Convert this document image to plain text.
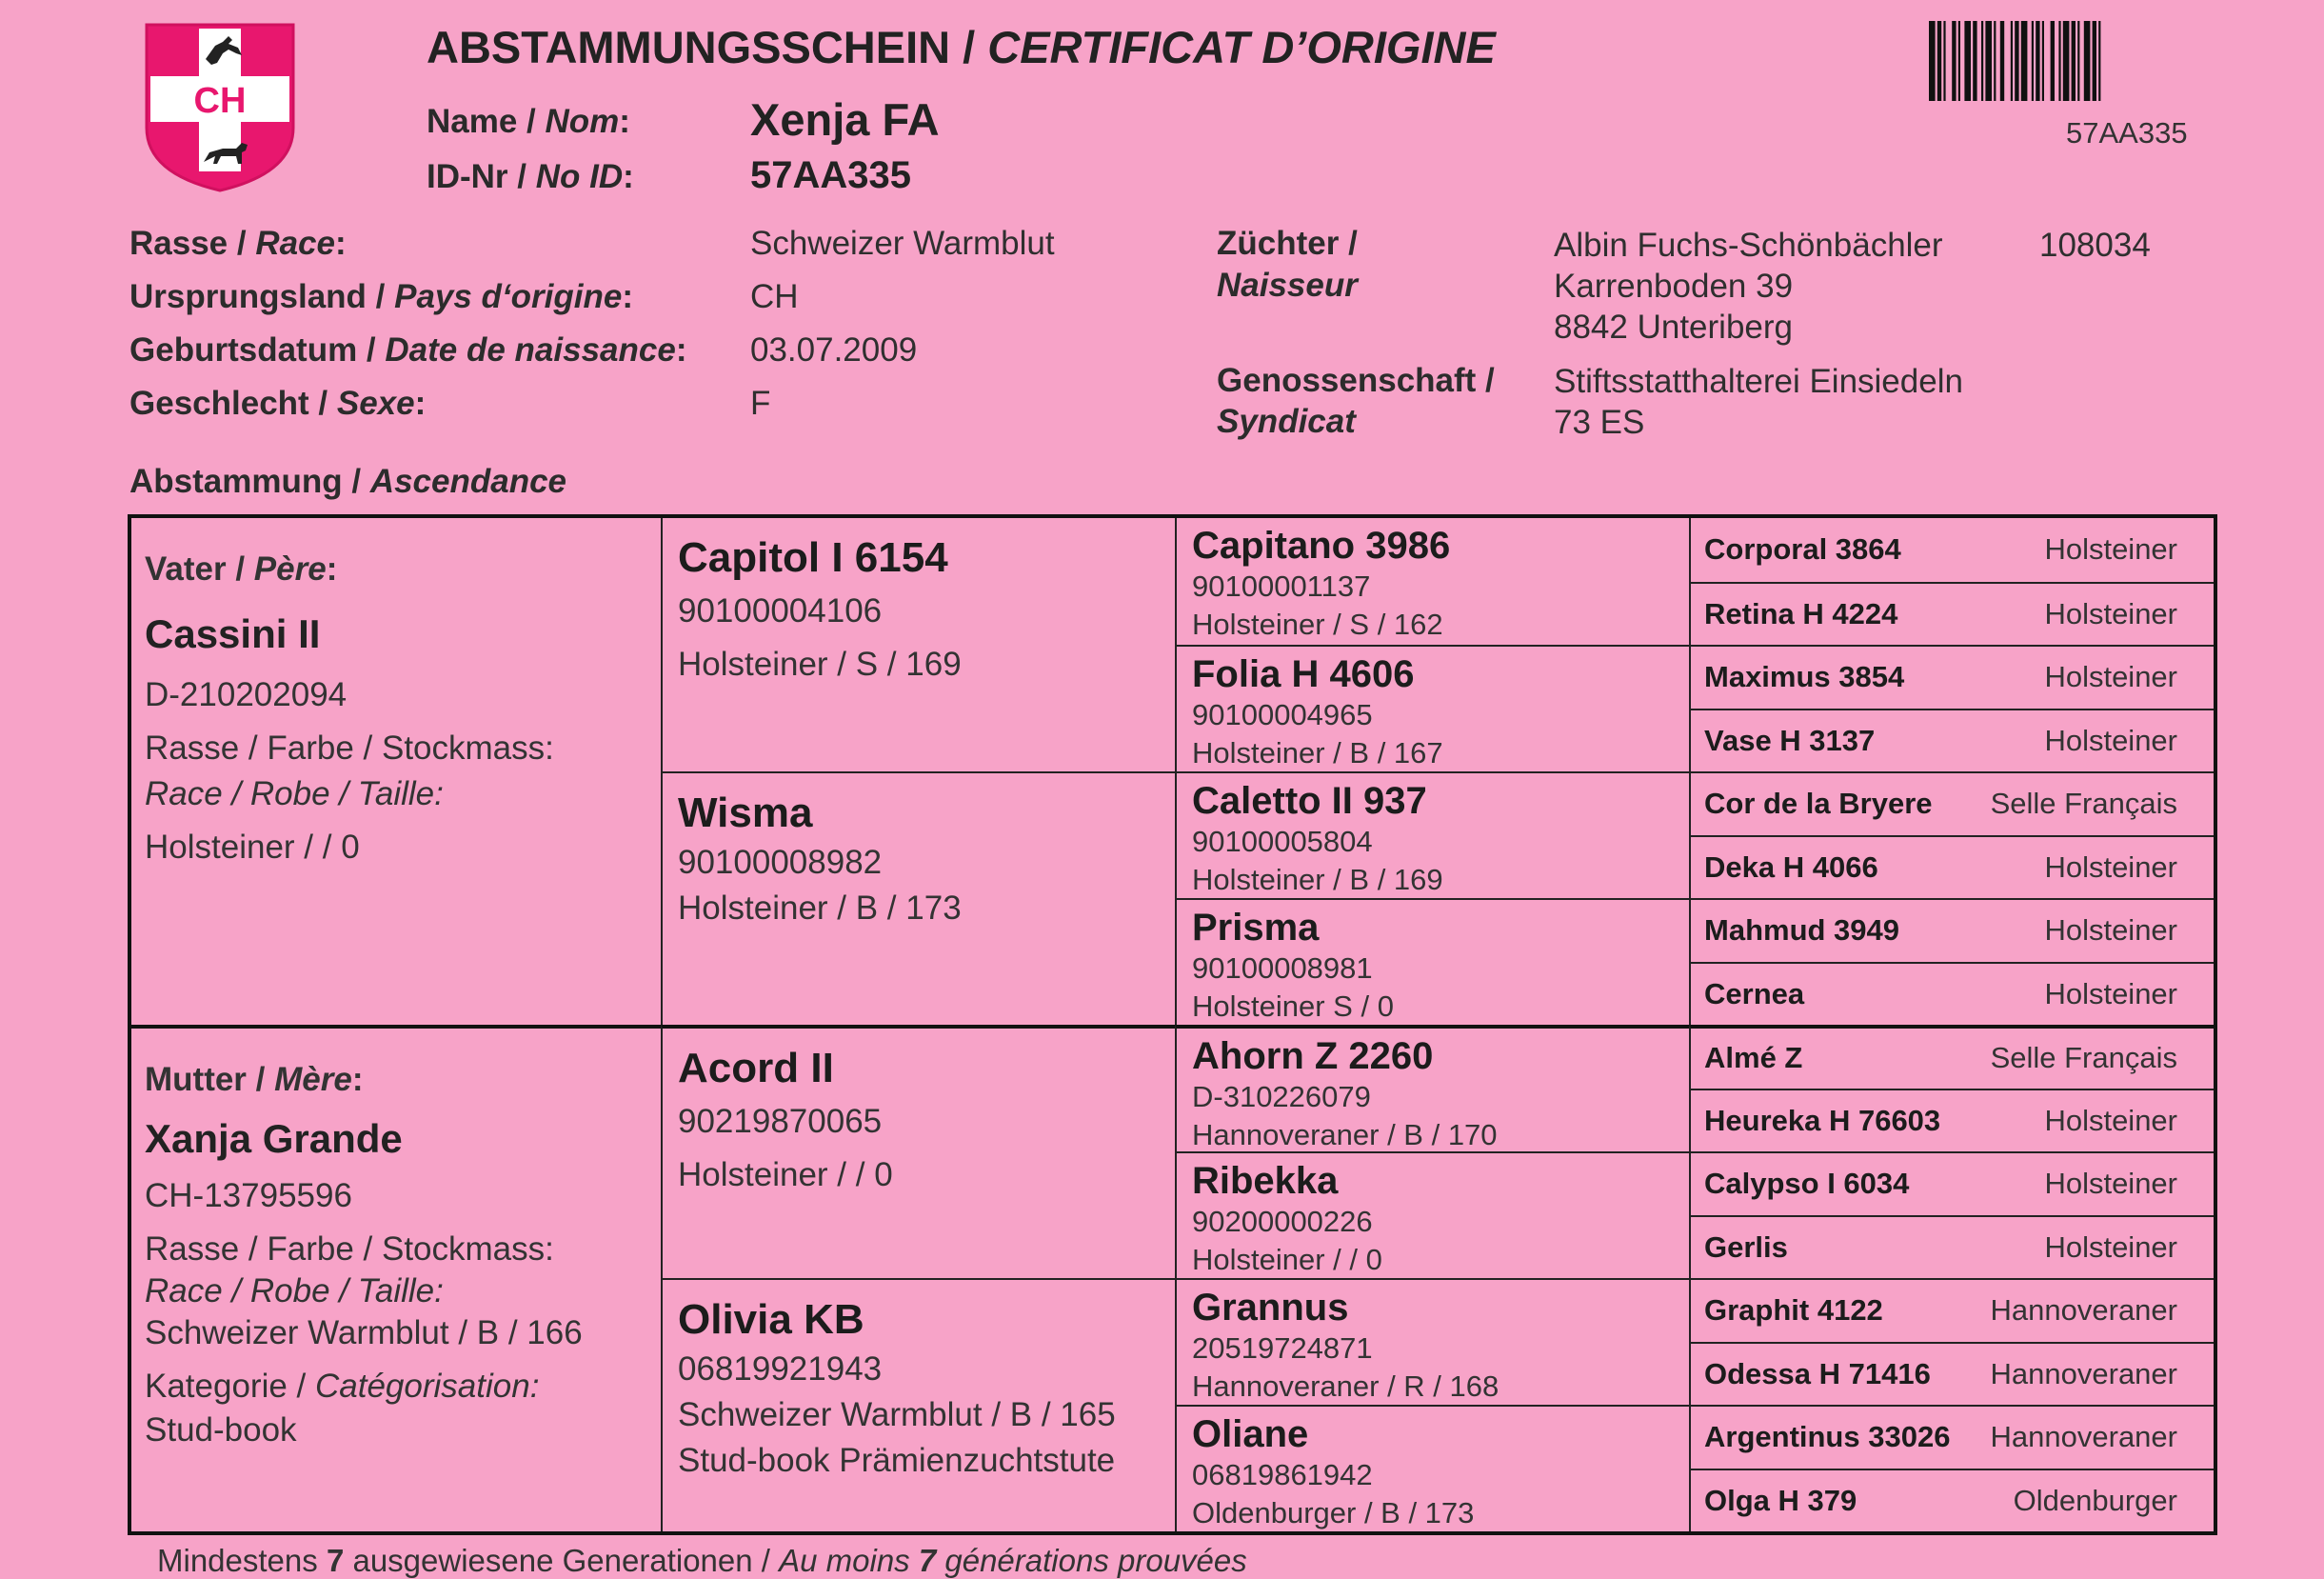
CH
ABSTAMMUNGSSCHEIN / CERTIFICAT D’ORIGINE
Name / Nom:	Xenja FA
ID-Nr / No ID:	57AA335
57AA335
Rasse / Race:	Schweizer Warmblut
Ursprungsland / Pays d‘origine:	CH
Geburtsdatum / Date de naissance: 03.07.2009
Geschlecht / Sexe:	F
Züchter /
Naisseur
Albin Fuchs-Schönbächler	108034
Karrenboden 39
8842 Unteriberg
Genossenschaft /
Syndicat
Stiftsstatthalterei Einsiedeln
73 ES
Abstammung / Ascendance
Vater / Père:
Cassini II
D-210202094
Rasse / Farbe / Stockmass:
Race / Robe / Taille:
Holsteiner / / 0
Mutter / Mère:
Xanja Grande
CH-13795596
Rasse / Farbe / Stockmass:
Race / Robe / Taille:
Schweizer Warmblut / B / 166
Kategorie / Catégorisation:
Stud-book
Capitol I 6154
90100004106
Holsteiner / S / 169
Wisma
90100008982
Holsteiner / B / 173
Acord II
90219870065
Holsteiner / / 0
Olivia KB
06819921943
Schweizer Warmblut / B / 165
Stud-book Prämienzuchtstute
Capitano 3986
90100001137
Holsteiner / S / 162
Folia H 4606
90100004965
Holsteiner / B / 167
Caletto II 937
90100005804
Holsteiner / B / 169
Prisma
90100008981
Holsteiner S / 0
Ahorn Z 2260
D-310226079
Hannoveraner / B / 170
Ribekka
90200000226
Holsteiner / / 0
Grannus
20519724871
Hannoveraner / R / 168
Oliane
06819861942
Oldenburger / B / 173
Corporal 3864	Holsteiner
Retina H 4224	Holsteiner
Maximus 3854	Holsteiner
Vase H 3137	Holsteiner
Cor de la Bryere Selle Français
Deka H 4066	Holsteiner
Mahmud 3949	Holsteiner
Cernea	Holsteiner
Almé Z	Selle Français
Heureka H 76603	Holsteiner
Calypso I 6034	Holsteiner
Gerlis	Holsteiner
Graphit 4122	Hannoveraner
Odessa H 71416 Hannoveraner
Argentinus 33026 Hannoveraner
Olga H 379	Oldenburger
Mindestens 7 ausgewiesene Generationen / Au moins 7 générations prouvées
